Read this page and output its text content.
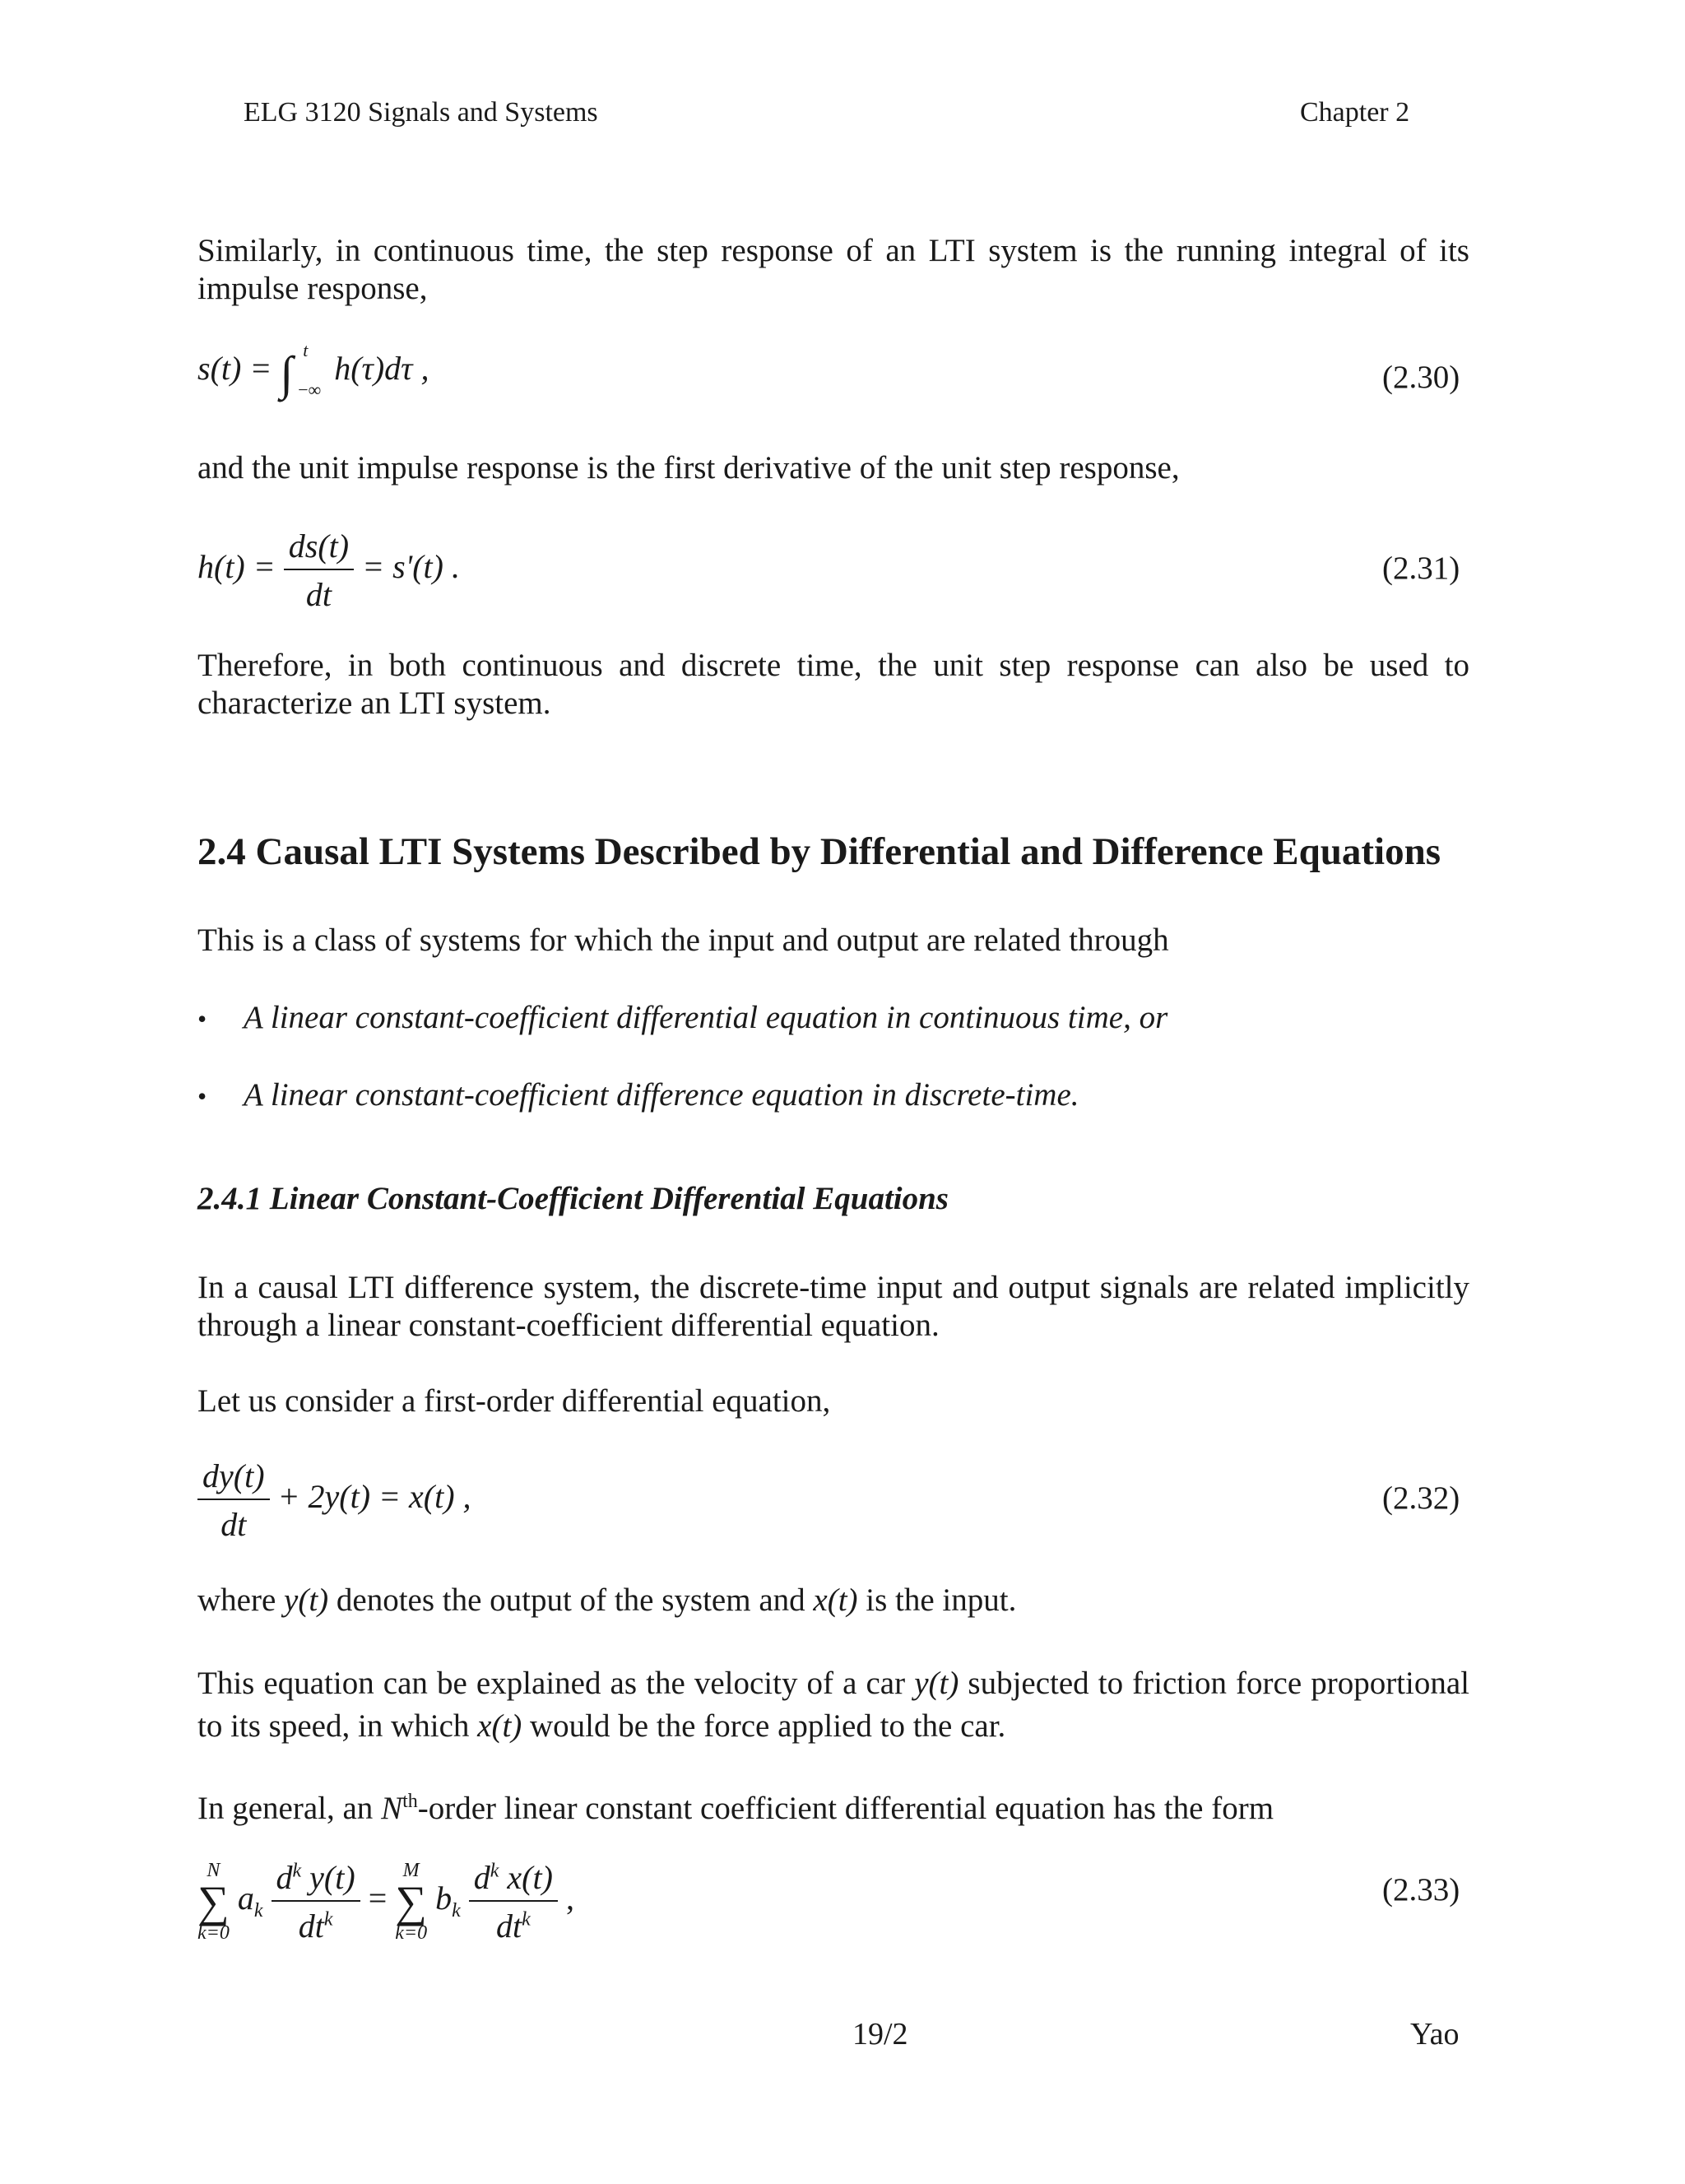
ELG 3120 Signals and Systems	Chapter 2
Similarly, in continuous time, the step response of an LTI system is the running integral of its impulse response,
s(t) = ∫ t
−∞
h(τ)dτ ,	(2.30)
and the unit impulse response is the first derivative of the unit step response,
$h(t) = \frac{ds(t)}{dt} = s'(t)$ .	(2.31)
Therefore, in both continuous and discrete time, the unit step response can also be used to characterize an LTI system.
2.4 Causal LTI Systems Described by Differential and Difference Equations
This is a class of systems for which the input and output are related through
• A linear constant-coefficient differential equation in continuous time, or
• A linear constant-coefficient difference equation in discrete-time.
2.4.1 Linear Constant-Coefficient Differential Equations
In a causal LTI difference system, the discrete-time input and output signals are related implicitly through a linear constant-coefficient differential equation.
Let us consider a first-order differential equation,
$\frac{dy(t)}{dt} + 2y(t) = x(t)$ ,	(2.32)
where y(t) denotes the output of the system and x(t) is the input.
This equation can be explained as the velocity of a car y(t) subjected to friction force proportional to its speed, in which x(t) would be the force applied to the car.
In general, an $N^{th}$-order linear constant coefficient differential equation has the form
N
∑
k=0
$a_k \frac{d^k y(t)}{dt^k}$ =
M
∑
k=0
$b_k \frac{d^k x(t)}{dt^k}$ ,	(2.33)
19/2	Yao
